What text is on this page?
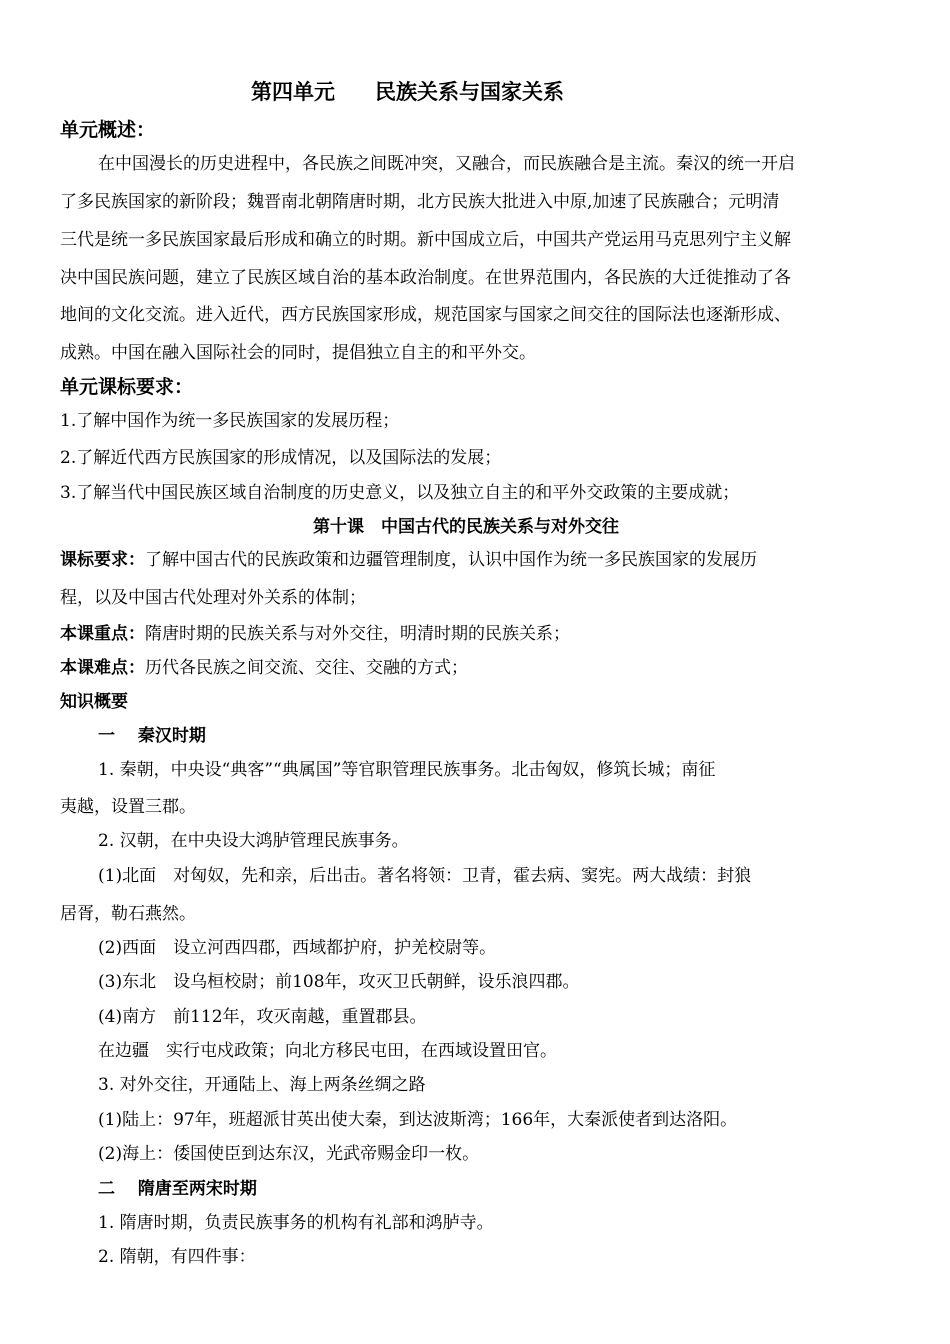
第四单元 民族关系与国家关系
单元概述：
在中国漫长的历史进程中，各民族之间既冲突，又融合，而民族融合是主流。秦汉的统一开启
了多民族国家的新阶段；魏晋南北朝隋唐时期，北方民族大批进入中原,加速了民族融合；元明清
三代是统一多民族国家最后形成和确立的时期。新中国成立后，中国共产党运用马克思列宁主义解
决中国民族问题，建立了民族区域自治的基本政治制度。在世界范围内，各民族的大迁徙推动了各
地间的文化交流。进入近代，西方民族国家形成，规范国家与国家之间交往的国际法也逐渐形成、
成熟。中国在融入国际社会的同时，提倡独立自主的和平外交。
单元课标要求：
1.了解中国作为统一多民族国家的发展历程；
2.了解近代西方民族国家的形成情况，以及国际法的发展；
3.了解当代中国民族区域自治制度的历史意义，以及独立自主的和平外交政策的主要成就；
第十课　中国古代的民族关系与对外交往
课标要求：了解中国古代的民族政策和边疆管理制度，认识中国作为统一多民族国家的发展历
程，以及中国古代处理对外关系的体制；
本课重点：隋唐时期的民族关系与对外交往，明清时期的民族关系；
本课难点：历代各民族之间交流、交往、交融的方式；
知识概要
一　 秦汉时期
1. 秦朝，中央设“典客”“典属国”等官职管理民族事务。北击匈奴，修筑长城；南征
夷越，设置三郡。
2. 汉朝，在中央设大鸿胪管理民族事务。
(1)北面　对匈奴，先和亲，后出击。著名将领：卫青，霍去病、窦宪。两大战绩：封狼
居胥，勒石燕然。
(2)西面　设立河西四郡，西域都护府，护羌校尉等。
(3)东北　设乌桓校尉；前108年，攻灭卫氏朝鲜，设乐浪四郡。
(4)南方　前112年，攻灭南越，重置郡县。
在边疆　实行屯戍政策；向北方移民屯田，在西域设置田官。
3. 对外交往，开通陆上、海上两条丝绸之路
(1)陆上：97年，班超派甘英出使大秦，到达波斯湾；166年，大秦派使者到达洛阳。
(2)海上：倭国使臣到达东汉，光武帝赐金印一枚。
二　 隋唐至两宋时期
1. 隋唐时期，负责民族事务的机构有礼部和鸿胪寺。
2. 隋朝，有四件事：
